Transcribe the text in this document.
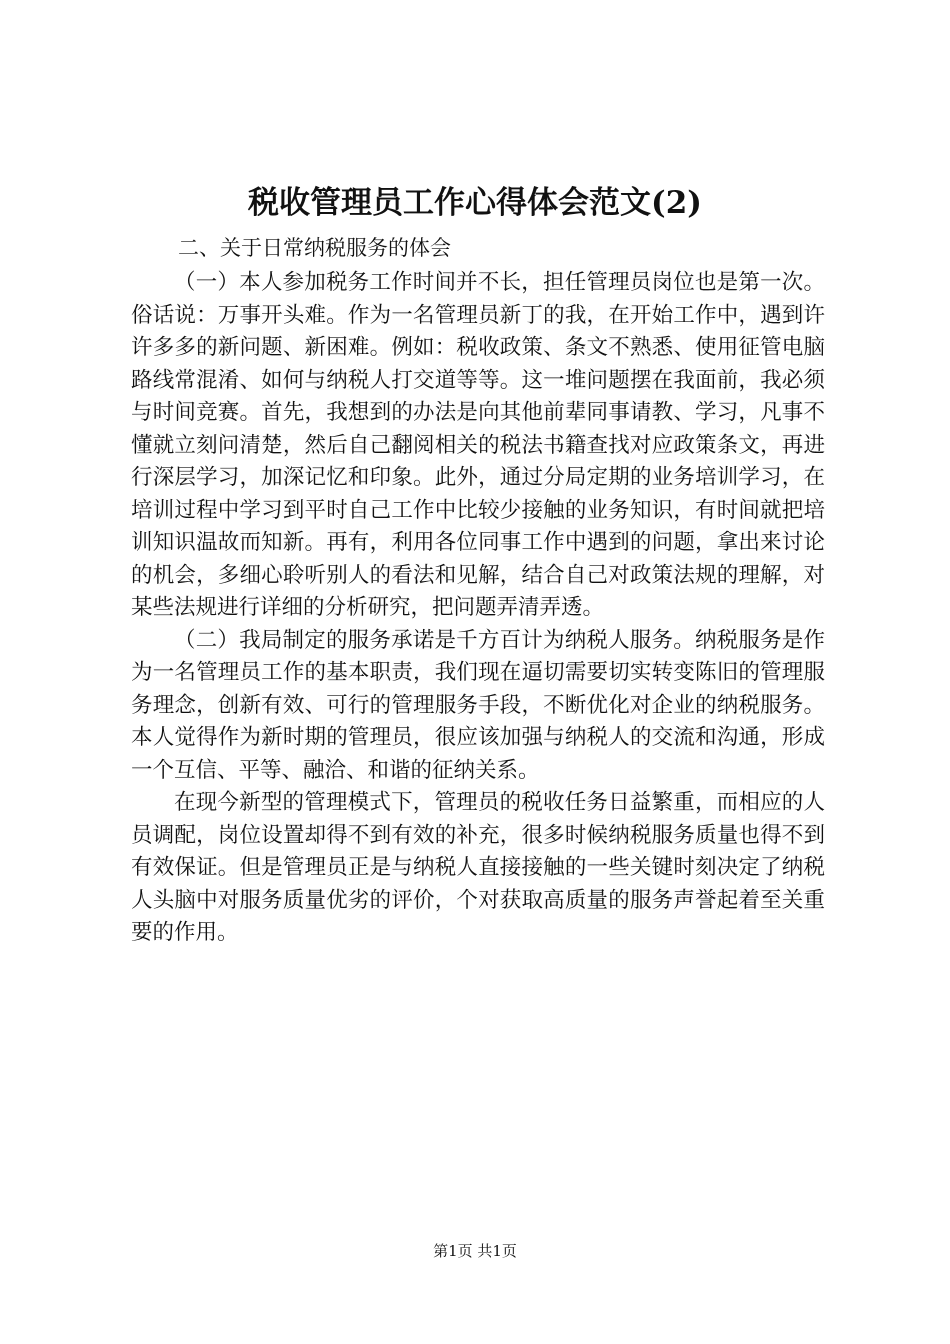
税收管理员工作心得体会范文(2)
二、关于日常纳税服务的体会

（一）本人参加税务工作时间并不长，担任管理员岗位也是第一次。俗话说：万事开头难。作为一名管理员新丁的我，在开始工作中，遇到许许多多的新问题、新困难。例如：税收政策、条文不熟悉、使用征管电脑路线常混淆、如何与纳税人打交道等等。这一堆问题摆在我面前，我必须与时间竞赛。首先，我想到的办法是向其他前辈同事请教、学习，凡事不懂就立刻问清楚，然后自己翻阅相关的税法书籍查找对应政策条文，再进行深层学习，加深记忆和印象。此外，通过分局定期的业务培训学习，在培训过程中学习到平时自己工作中比较少接触的业务知识，有时间就把培训知识温故而知新。再有，利用各位同事工作中遇到的问题，拿出来讨论的机会，多细心聆听别人的看法和见解，结合自己对政策法规的理解，对某些法规进行详细的分析研究，把问题弄清弄透。

（二）我局制定的服务承诺是千方百计为纳税人服务。纳税服务是作为一名管理员工作的基本职责，我们现在逼切需要切实转变陈旧的管理服务理念，创新有效、可行的管理服务手段，不断优化对企业的纳税服务。本人觉得作为新时期的管理员，很应该加强与纳税人的交流和沟通，形成一个互信、平等、融洽、和谐的征纳关系。

在现今新型的管理模式下，管理员的税收任务日益繁重，而相应的人员调配，岗位设置却得不到有效的补充，很多时候纳税服务质量也得不到有效保证。但是管理员正是与纳税人直接接触的一些关键时刻决定了纳税人头脑中对服务质量优劣的评价，个对获取高质量的服务声誉起着至关重要的作用。

第1页 共1页
